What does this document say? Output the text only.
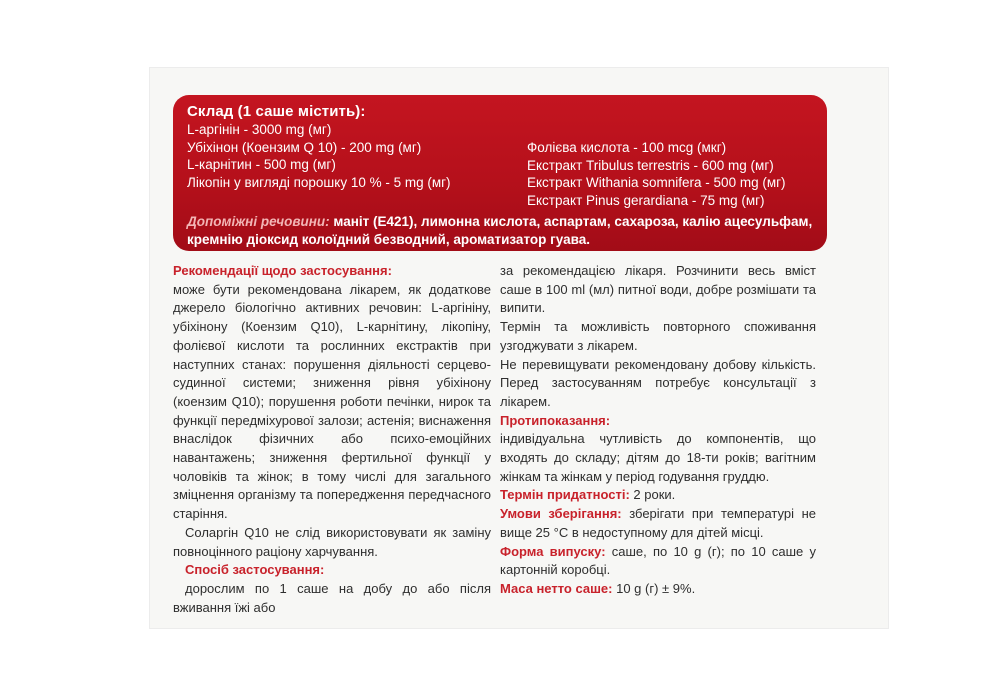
Склад (1 саше містить):
L-аргінін - 3000 mg (мг)
Убіхінон (Коензим Q 10) - 200 mg (мг)
L-карнітин - 500 mg (мг)
Лікопін у вигляді порошку 10 % - 5 mg (мг)
Фолієва кислота - 100 mcg (мкг)
Екстракт Tribulus terrestris - 600 mg (мг)
Екстракт Withania somnifera - 500 mg (мг)
Екстракт Pinus gerardiana - 75 mg (мг)
Допоміжні речовини: маніт (Е421), лимонна кислота, аспартам, сахароза, калію ацесульфам, кремнію діоксид колоїдний безводний, ароматизатор гуава.
Рекомендації щодо застосування:

може бути рекомендована лікарем, як додаткове джерело біологічно активних речовин: L-аргініну, убіхінону (Коензим Q10), L-карнітину, лікопіну, фолієвої кислоти та рослинних екстрактів при наступних станах: порушення діяльності серцево-судинної системи; зниження рівня убіхінону (коензим Q10); порушення роботи печінки, нирок та функції передміхурової залози; астенія; виснаження внаслідок фізичних або психо-емоційних навантажень; зниження фертильної функції у чоловіків та жінок; в тому числі для загального зміцнення організму та попередження передчасного старіння.

Соларгін Q10 не слід використовувати як заміну повноцінного раціону харчування.

Спосіб застосування:

дорослим по 1 саше на добу до або після вживання їжі або

за рекомендацією лікаря. Розчинити весь вміст саше в 100 ml (мл) питної води, добре розмішати та випити.

Термін та можливість повторного споживання узгоджувати з лікарем.

Не перевищувати рекомендовану добову кількість. Перед застосуванням потребує консультації з лікарем.

Протипоказання:

індивідуальна чутливість до компонентів, що входять до складу; дітям до 18-ти років; вагітним жінкам та жінкам у період годування груддю.

Термін придатності: 2 роки.

Умови зберігання: зберігати при температурі не вище 25 °С в недоступному для дітей місці.

Форма випуску: саше, по 10 g (г); по 10 саше у картонній коробці.

Маса нетто саше: 10 g (г) ± 9%.
